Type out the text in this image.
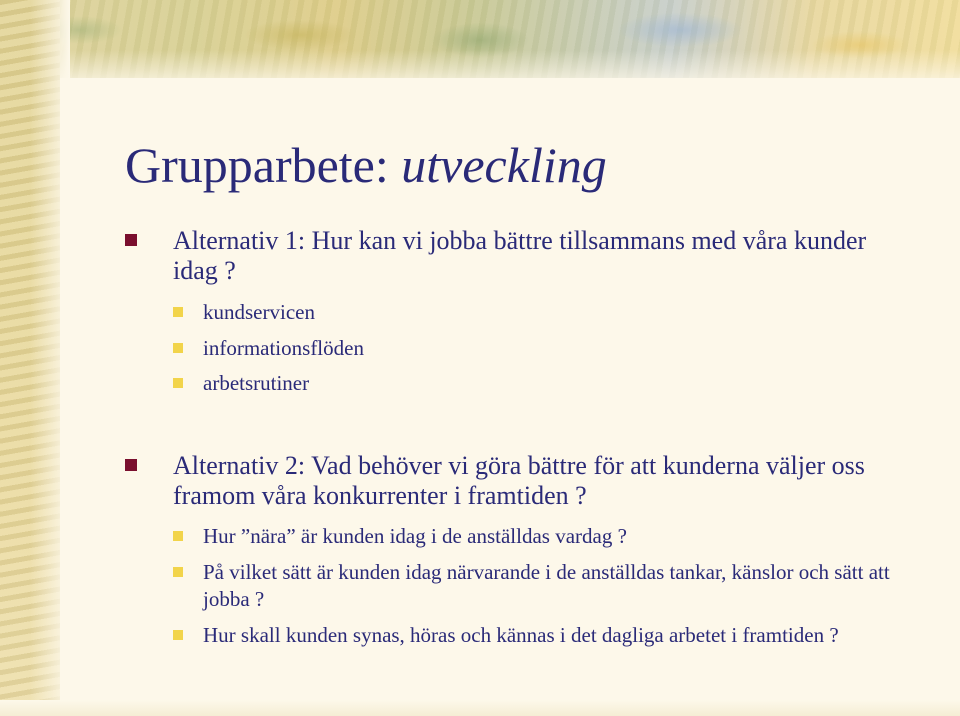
Grupparbete: utveckling
Alternativ 1: Hur kan vi jobba bättre tillsammans med våra kunder idag ?
kundservicen
informationsflöden
arbetsrutiner
Alternativ 2: Vad behöver vi göra bättre för att kunderna väljer oss framom våra konkurrenter i framtiden ?
Hur ”nära” är kunden idag i de anställdas vardag ?
På vilket sätt är kunden idag närvarande i de anställdas tankar, känslor och sätt att jobba ?
Hur skall kunden synas, höras och kännas i det dagliga arbetet i framtiden ?
